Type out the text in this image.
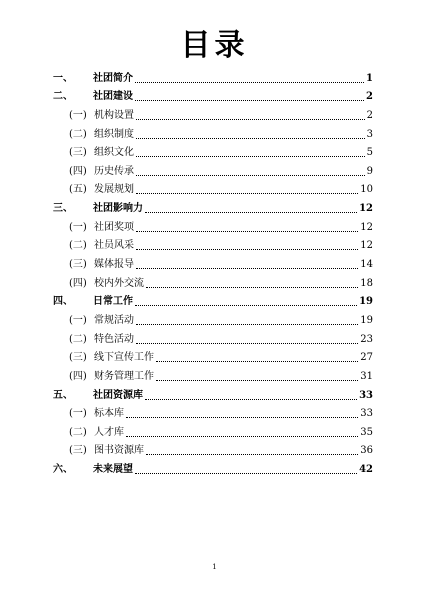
目录
一、	社团简介	1
二、	社团建设	2
(一) 机构设置	2
(二) 组织制度	3
(三) 组织文化	5
(四) 历史传承	9
(五) 发展规划	10
三、	社团影响力	12
(一) 社团奖项	12
(二) 社员风采	12
(三) 媒体报导	14
(四) 校内外交流	18
四、	日常工作	19
(一) 常规活动	19
(二) 特色活动	23
(三) 线下宣传工作	27
(四) 财务管理工作	31
五、	社团资源库	33
(一) 标本库	33
(二) 人才库	35
(三) 图书资源库	36
六、	未来展望	42
1
